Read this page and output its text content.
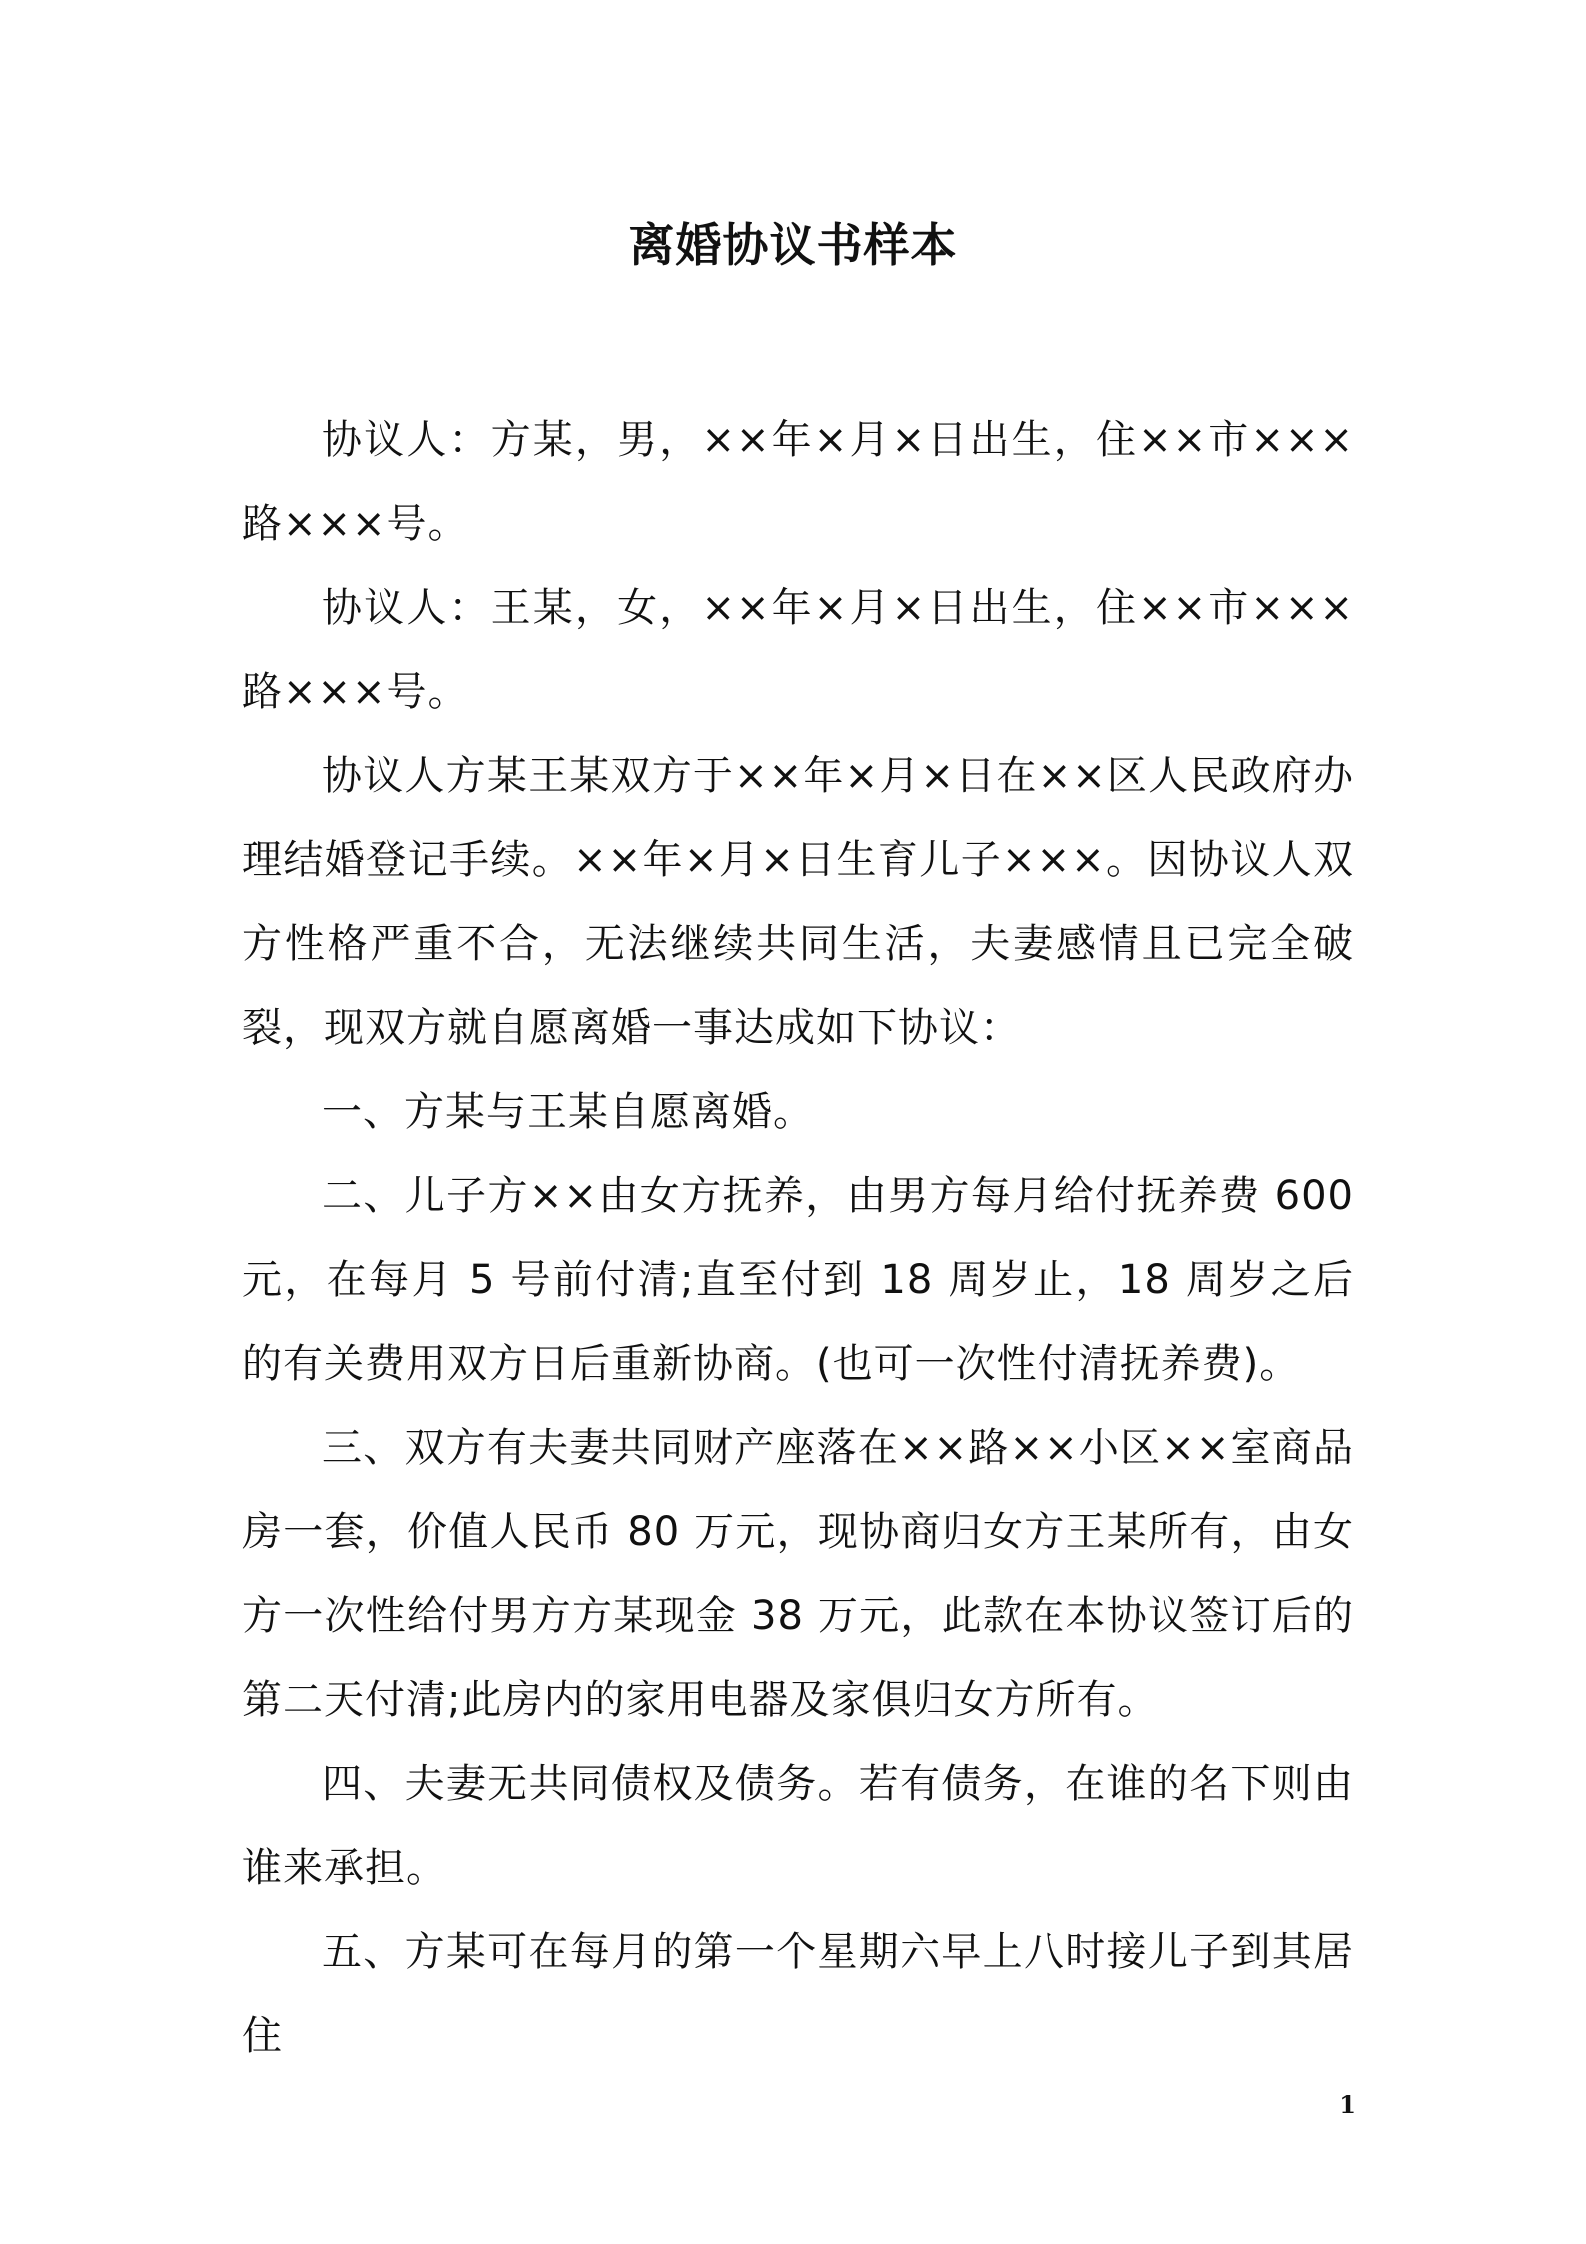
离婚协议书样本

协议人：方某，男，××年×月×日出生，住××市×××路×××号。

协议人：王某，女，××年×月×日出生，住××市×××路×××号。

协议人方某王某双方于××年×月×日在××区人民政府办理结婚登记手续。××年×月×日生育儿子×××。因协议人双方性格严重不合，无法继续共同生活，夫妻感情且已完全破裂，现双方就自愿离婚一事达成如下协议：

一、方某与王某自愿离婚。

二、儿子方××由女方抚养，由男方每月给付抚养费 600 元，在每月 5 号前付清;直至付到 18 周岁止，18 周岁之后的有关费用双方日后重新协商。(也可一次性付清抚养费)。

三、双方有夫妻共同财产座落在××路××小区××室商品房一套，价值人民币 80 万元，现协商归女方王某所有，由女方一次性给付男方方某现金 38 万元，此款在本协议签订后的第二天付清;此房内的家用电器及家俱归女方所有。

四、夫妻无共同债权及债务。若有债务，在谁的名下则由谁来承担。

五、方某可在每月的第一个星期六早上八时接儿子到其居住

1
